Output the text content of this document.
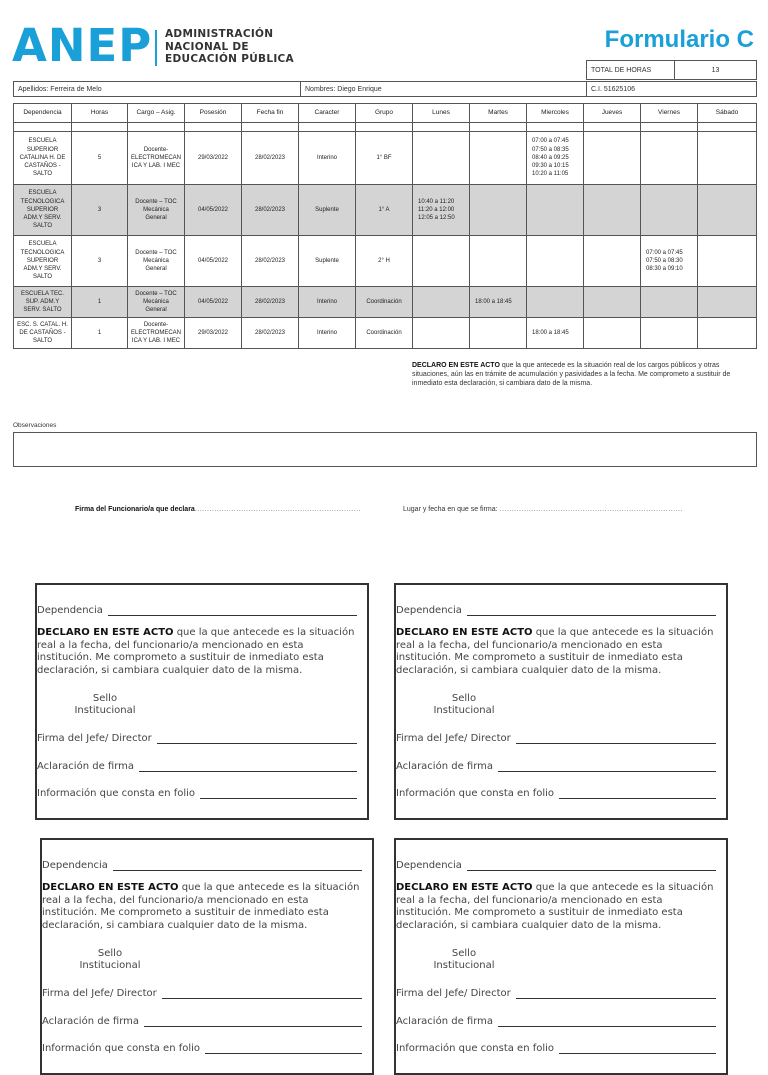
ANEP ADMINISTRACIÓN
NACIONAL DE
EDUCACIÓN PÚBLICA
Formulario C
TOTAL DE HORAS	13
Apellidos: Ferreira de Melo	Nombres: Diego Enrique	C.I. 51625106
Dependencia	Horas	Cargo – Asig.	Posesión	Fecha fin	Caracter	Grupo	Lunes	Martes	Miercoles	Jueves	Viernes	Sábado

ESCUELA
SUPERIOR
CATALINA H. DE
CASTAÑOS -
SALTO	5	Docente-
ELECTROMECAN
ICA Y LAB. I MEC	29/03/2022	28/02/2023	Interino	1° BF			07:00 a 07:45
07:50 a 08:35
08:40 a 09:25
09:30 a 10:15
10:20 a 11:05			

ESCUELA
TECNOLOGICA
SUPERIOR
ADM.Y SERV.
SALTO	3	Docente – TOC
Mecánica
General	04/05/2022	28/02/2023	Suplente	1° A	10:40 a 11:20
11:20 a 12:00
12:05 a 12:50					

ESCUELA
TECNOLOGICA
SUPERIOR
ADM.Y SERV.
SALTO	3	Docente – TOC
Mecánica
General	04/05/2022	28/02/2023	Suplente	2° H					07:00 a 07:45
07:50 a 08:30
08:30 a 09:10	

ESCUELA TEC.
SUP. ADM.Y
SERV. SALTO	1	Docente – TOC
Mecánica
General	04/05/2022	28/02/2023	Interino	Coordinación		18:00 a 18:45				

ESC. S. CATAL. H.
DE CASTAÑOS -
SALTO	1	Docente-
ELECTROMECAN
ICA Y LAB. I MEC	29/03/2022	28/02/2023	Interino	Coordinación			18:00 a 18:45			

DECLARO EN ESTE ACTO que la que antecede es la situación real de los cargos públicos y otras situaciones, aún las en trámite de acumulación y pasividades a la fecha. Me comprometo a sustituir de inmediato esta declaración, si cambiara dato de la misma.
Observaciones
Firma del Funcionario/a que declara....................................................................	Lugar y fecha en que se firma: ...........................................................................
Dependencia
DECLARO EN ESTE ACTO que la que antecede es la situación real a la fecha, del funcionario/a mencionado en esta institución. Me comprometo a sustituir de inmediato esta declaración, si cambiara cualquier dato de la misma.
Sello
Institucional
Firma del Jefe/ Director
Aclaración de firma
Información que consta en folio
Dependencia
DECLARO EN ESTE ACTO que la que antecede es la situación real a la fecha, del funcionario/a mencionado en esta institución. Me comprometo a sustituir de inmediato esta declaración, si cambiara cualquier dato de la misma.
Sello
Institucional
Firma del Jefe/ Director
Aclaración de firma
Información que consta en folio
Dependencia
DECLARO EN ESTE ACTO que la que antecede es la situación real a la fecha, del funcionario/a mencionado en esta institución. Me comprometo a sustituir de inmediato esta declaración, si cambiara cualquier dato de la misma.
Sello
Institucional
Firma del Jefe/ Director
Aclaración de firma
Información que consta en folio
Dependencia
DECLARO EN ESTE ACTO que la que antecede es la situación real a la fecha, del funcionario/a mencionado en esta institución. Me comprometo a sustituir de inmediato esta declaración, si cambiara cualquier dato de la misma.
Sello
Institucional
Firma del Jefe/ Director
Aclaración de firma
Información que consta en folio
